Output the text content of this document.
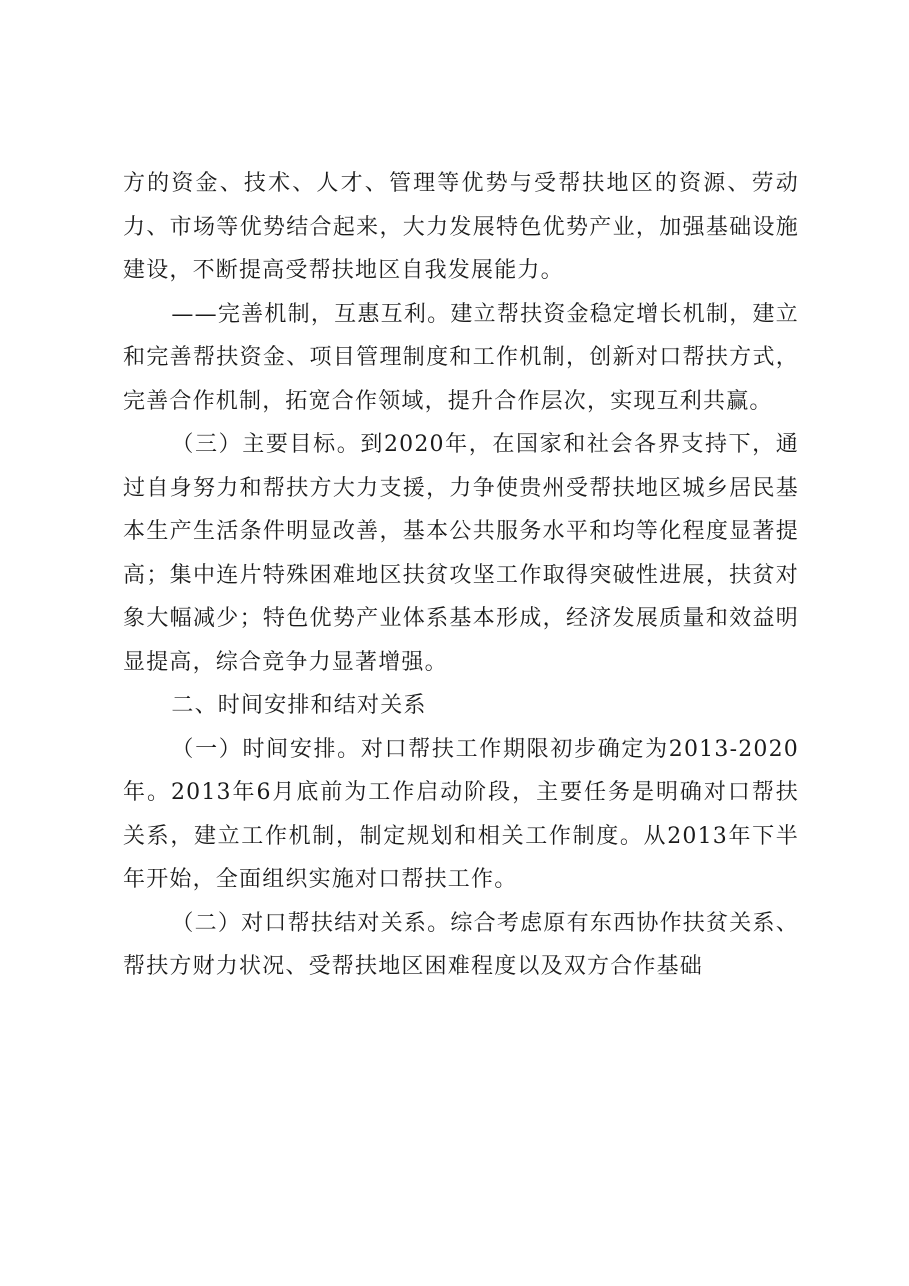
方的资金、技术、人才、管理等优势与受帮扶地区的资源、劳动力、市场等优势结合起来，大力发展特色优势产业，加强基础设施建设，不断提高受帮扶地区自我发展能力。

——完善机制，互惠互利。建立帮扶资金稳定增长机制，建立和完善帮扶资金、项目管理制度和工作机制，创新对口帮扶方式，完善合作机制，拓宽合作领域，提升合作层次，实现互利共赢。

（三）主要目标。到2020年，在国家和社会各界支持下，通过自身努力和帮扶方大力支援，力争使贵州受帮扶地区城乡居民基本生产生活条件明显改善，基本公共服务水平和均等化程度显著提高；集中连片特殊困难地区扶贫攻坚工作取得突破性进展，扶贫对象大幅减少；特色优势产业体系基本形成，经济发展质量和效益明显提高，综合竞争力显著增强。

二、时间安排和结对关系

（一）时间安排。对口帮扶工作期限初步确定为2013-2020年。2013年6月底前为工作启动阶段，主要任务是明确对口帮扶关系，建立工作机制，制定规划和相关工作制度。从2013年下半年开始，全面组织实施对口帮扶工作。

（二）对口帮扶结对关系。综合考虑原有东西协作扶贫关系、帮扶方财力状况、受帮扶地区困难程度以及双方合作基础
